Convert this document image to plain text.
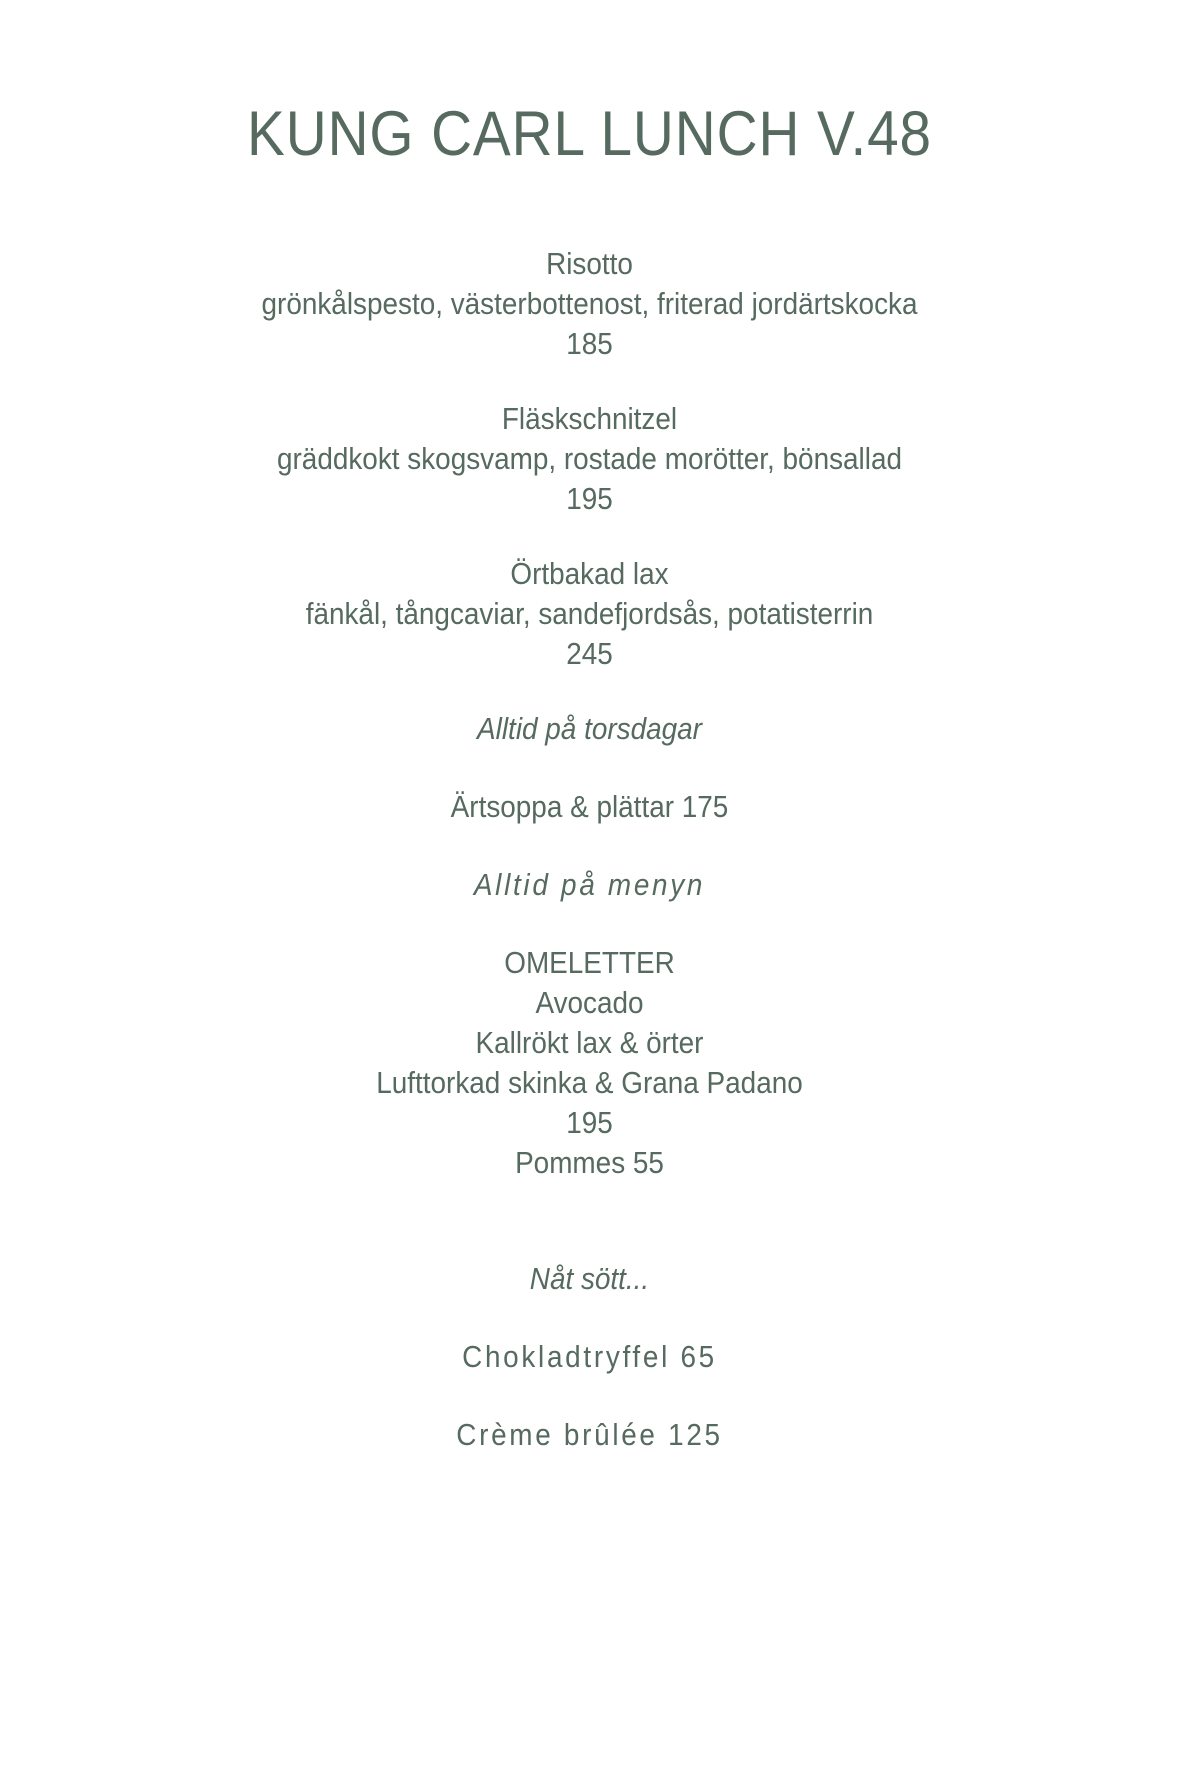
KUNG CARL LUNCH V.48

Risotto

grönkålspesto, västerbottenost, friterad jordärtskocka

185

Fläskschnitzel

gräddkokt skogsvamp, rostade morötter, bönsallad

195

Örtbakad lax

fänkål, tångcaviar, sandefjordsås, potatisterrin

245

Alltid på torsdagar

Ärtsoppa & plättar 175

Alltid på menyn

OMELETTER

Avocado

Kallrökt lax & örter

Lufttorkad skinka & Grana Padano

195

Pommes 55

Nåt sött...

Chokladtryffel 65

Crème brûlée 125
